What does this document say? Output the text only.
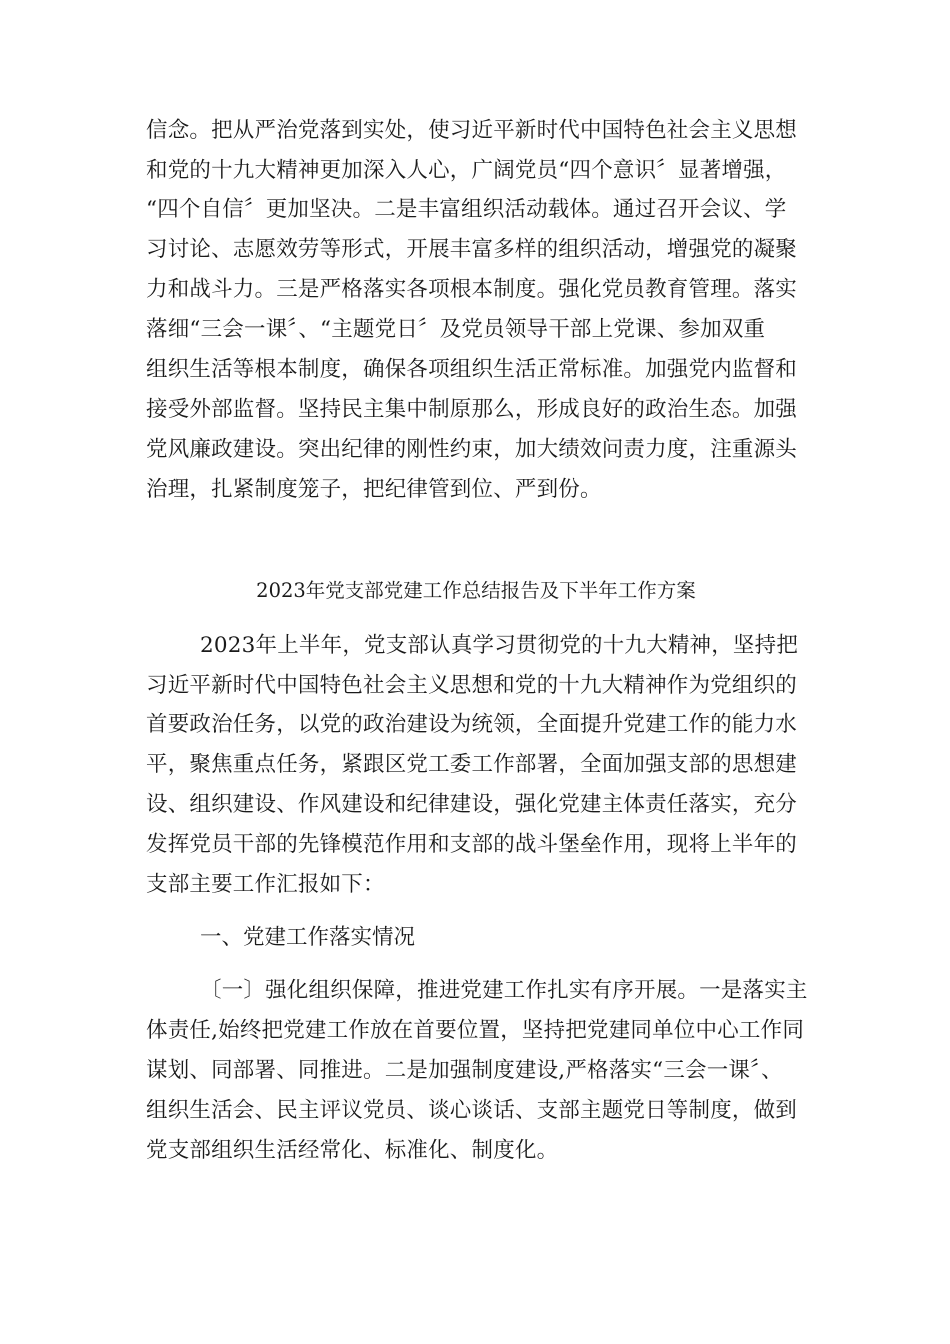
信念。把从严治党落到实处，使习近平新时代中国特色社会主义思想
和党的十九大精神更加深入人心，广阔党员“四个意识〞显著增强，
“四个自信〞更加坚决。二是丰富组织活动载体。通过召开会议、学
习讨论、志愿效劳等形式，开展丰富多样的组织活动，增强党的凝聚
力和战斗力。三是严格落实各项根本制度。强化党员教育管理。落实
落细“三会一课〞、“主题党日〞及党员领导干部上党课、参加双重
组织生活等根本制度，确保各项组织生活正常标准。加强党内监督和
接受外部监督。坚持民主集中制原那么，形成良好的政治生态。加强
党风廉政建设。突出纪律的刚性约束，加大绩效问责力度，注重源头
治理，扎紧制度笼子，把纪律管到位、严到份。
2023年党支部党建工作总结报告及下半年工作方案
2023年上半年，党支部认真学习贯彻党的十九大精神，坚持把
习近平新时代中国特色社会主义思想和党的十九大精神作为党组织的
首要政治任务，以党的政治建设为统领，全面提升党建工作的能力水
平，聚焦重点任务，紧跟区党工委工作部署，全面加强支部的思想建
设、组织建设、作风建设和纪律建设，强化党建主体责任落实，充分
发挥党员干部的先锋模范作用和支部的战斗堡垒作用，现将上半年的
支部主要工作汇报如下：
一、党建工作落实情况
〔一〕强化组织保障，推进党建工作扎实有序开展。一是落实主
体责任,始终把党建工作放在首要位置，坚持把党建同单位中心工作同
谋划、同部署、同推进。二是加强制度建设,严格落实“三会一课〞、
组织生活会、民主评议党员、谈心谈话、支部主题党日等制度，做到
党支部组织生活经常化、标准化、制度化。
